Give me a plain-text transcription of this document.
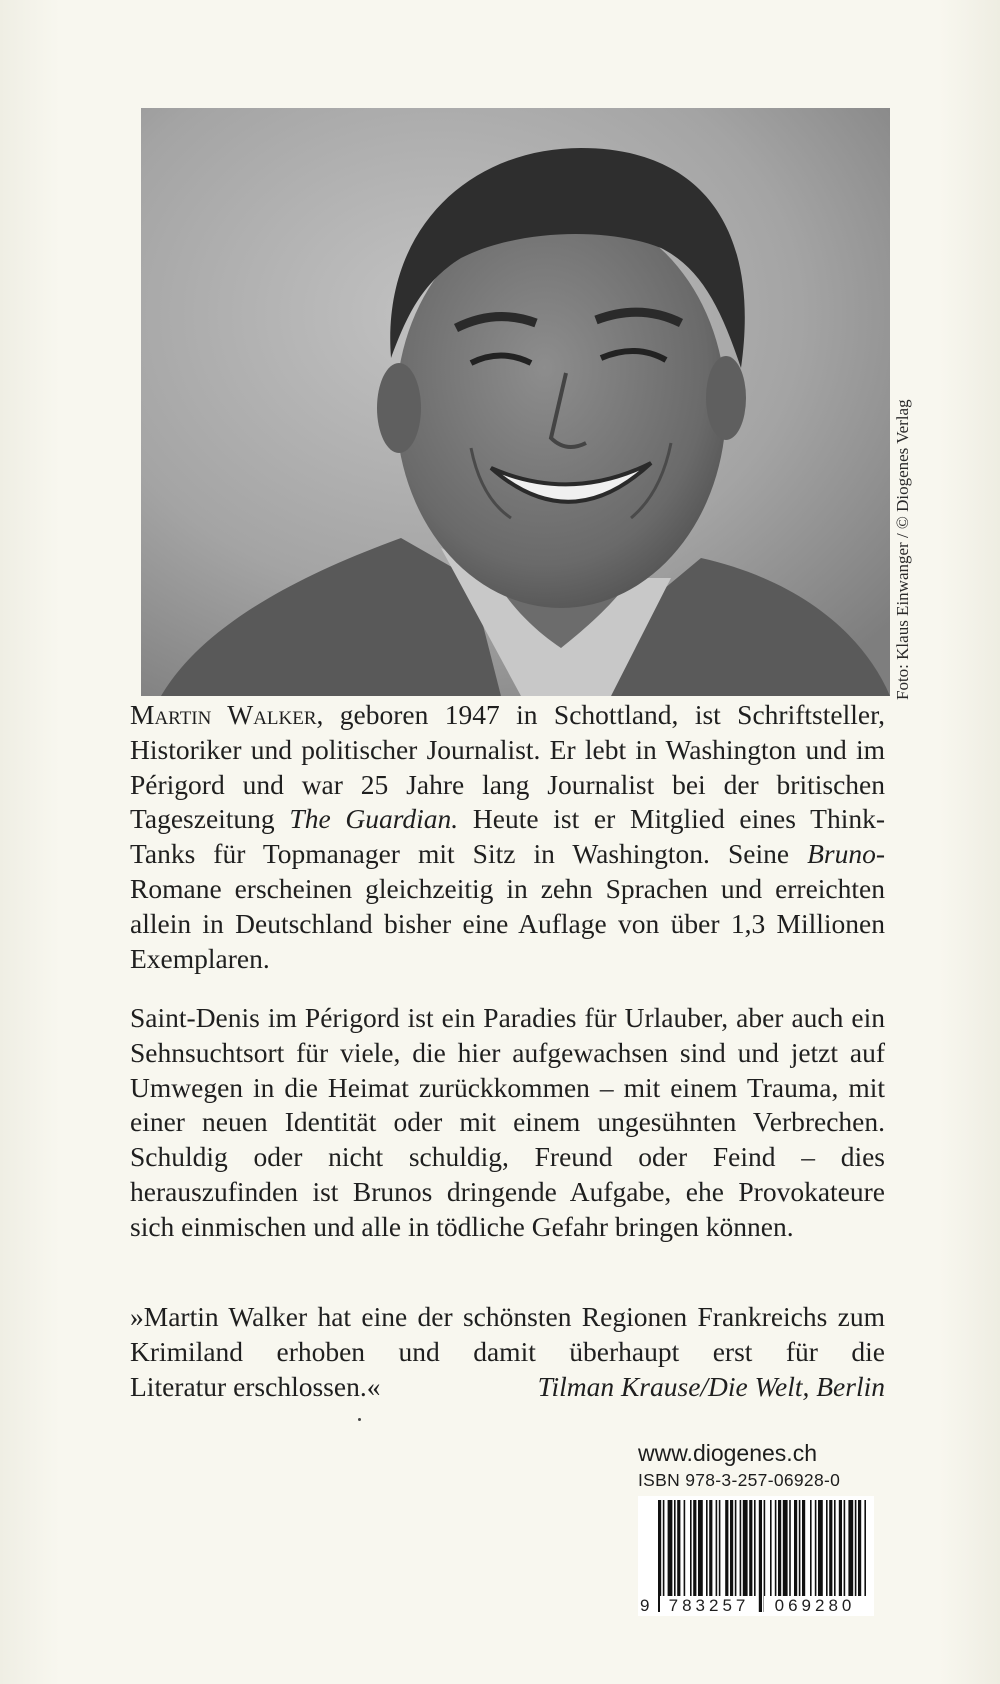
Foto: Klaus Einwanger / © Diogenes Verlag
Martin Walker, geboren 1947 in Schottland, ist Schriftsteller, Historiker und politischer Journalist. Er lebt in Washington und im Périgord und war 25 Jahre lang Journalist bei der britischen Tageszeitung The Guardian. Heute ist er Mitglied eines Think-Tanks für Topmanager mit Sitz in Washington. Seine Bruno-Romane erscheinen gleichzeitig in zehn Sprachen und erreichten allein in Deutschland bisher eine Auflage von über 1,3 Millionen Exemplaren.
Saint-Denis im Périgord ist ein Paradies für Urlauber, aber auch ein Sehnsuchtsort für viele, die hier aufgewachsen sind und jetzt auf Umwegen in die Heimat zurückkommen – mit einem Trauma, mit einer neuen Identität oder mit einem ungesühnten Verbrechen. Schuldig oder nicht schuldig, Freund oder Feind – dies herauszufinden ist Brunos dringende Aufgabe, ehe Provokateure sich einmischen und alle in tödliche Gefahr bringen können.
»Martin Walker hat eine der schönsten Regionen Frankreichs zum Krimiland erhoben und damit überhaupt erst für die
Literatur erschlossen.«	Tilman Krause/Die Welt, Berlin
www.diogenes.ch
ISBN 978-3-257-06928-0
9	783257	069280
